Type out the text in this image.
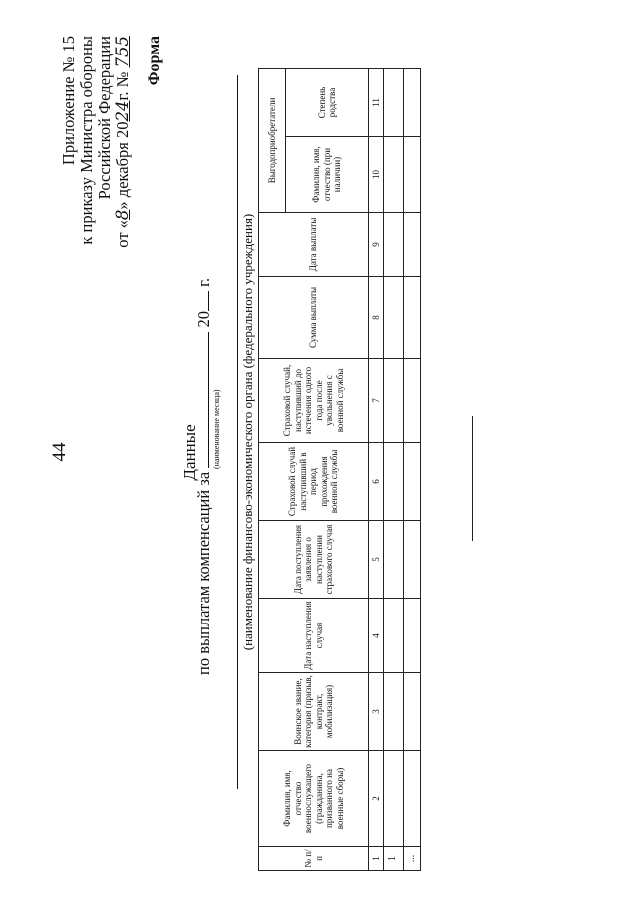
44
Приложение № 15 к приказу Министра обороны Российской Федерации
от «8» декабря 2024г. № 755 Форма
Данные
по выплатам компенсаций за  20 г.
(наименование месяца) (наименование финансово-экономического органа (федерального учреждения)
№ п/п	Фамилия, имя, отчество военнослужащего (гражданина, призванного на военные сборы)	Воинское звание, категория (призыв, контракт, мобилизация)	Дата наступления случая	Дата поступления заявления о наступлении страхового случая	Страховой случай наступивший в период прохождения военной службы	Страховой случай, наступивший до истечения одного года после увольнения с военной службы	Сумма выплаты	Дата выплаты	Выгодоприобретатели	
									Фамилия, имя, отчество (при наличии)	Степень родства
1	2	3	4	5	6	7	8	9	10	11
1										
...										
